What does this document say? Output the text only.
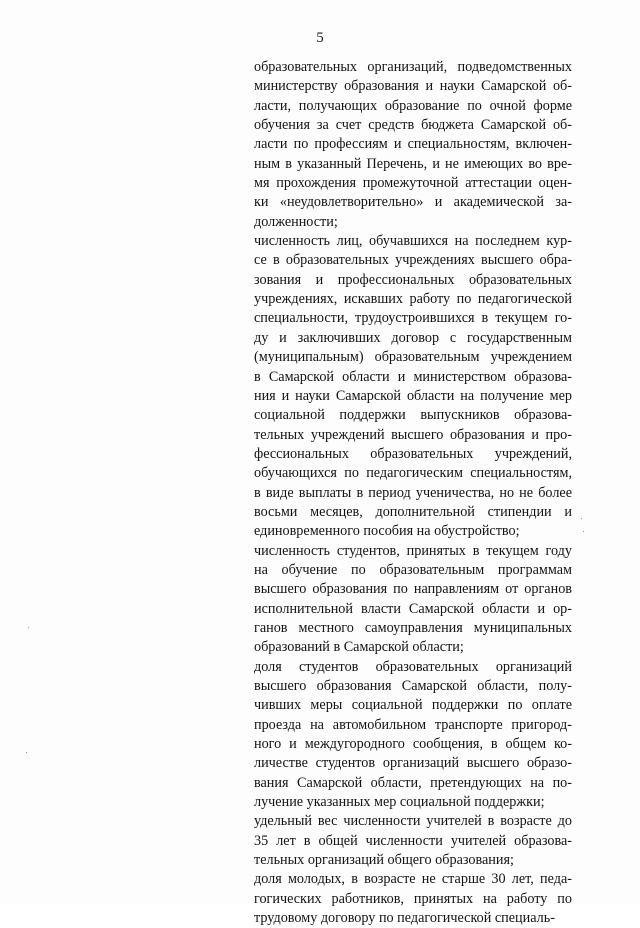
5
образовательных организаций, подведомственных
министерству образования и науки Самарской об-
ласти, получающих образование по очной форме
обучения за счет средств бюджета Самарской об-
ласти по профессиям и специальностям, включен-
ным в указанный Перечень, и не имеющих во вре-
мя прохождения промежуточной аттестации оцен-
ки «неудовлетворительно» и академической за-
долженности;
численность лиц, обучавшихся на последнем кур-
се в образовательных учреждениях высшего обра-
зования и профессиональных образовательных
учреждениях, искавших работу по педагогической
специальности, трудоустроившихся в текущем го-
ду и заключивших договор с государственным
(муниципальным) образовательным учреждением
в Самарской области и министерством образова-
ния и науки Самарской области на получение мер
социальной поддержки выпускников образова-
тельных учреждений высшего образования и про-
фессиональных образовательных учреждений,
обучающихся по педагогическим специальностям,
в виде выплаты в период ученичества, но не более
восьми месяцев, дополнительной стипендии и
единовременного пособия на обустройство;
численность студентов, принятых в текущем году
на обучение по образовательным программам
высшего образования по направлениям от органов
исполнительной власти Самарской области и ор-
ганов местного самоуправления муниципальных
образований в Самарской области;
доля студентов образовательных организаций
высшего образования Самарской области, полу-
чивших меры социальной поддержки по оплате
проезда на автомобильном транспорте пригород-
ного и междугородного сообщения, в общем ко-
личестве студентов организаций высшего образо-
вания Самарской области, претендующих на по-
лучение указанных мер социальной поддержки;
удельный вес численности учителей в возрасте до
35 лет в общей численности учителей образова-
тельных организаций общего образования;
доля молодых, в возрасте не старше 30 лет, педа-
гогических работников, принятых на работу по
трудовому договору по педагогической специаль-
